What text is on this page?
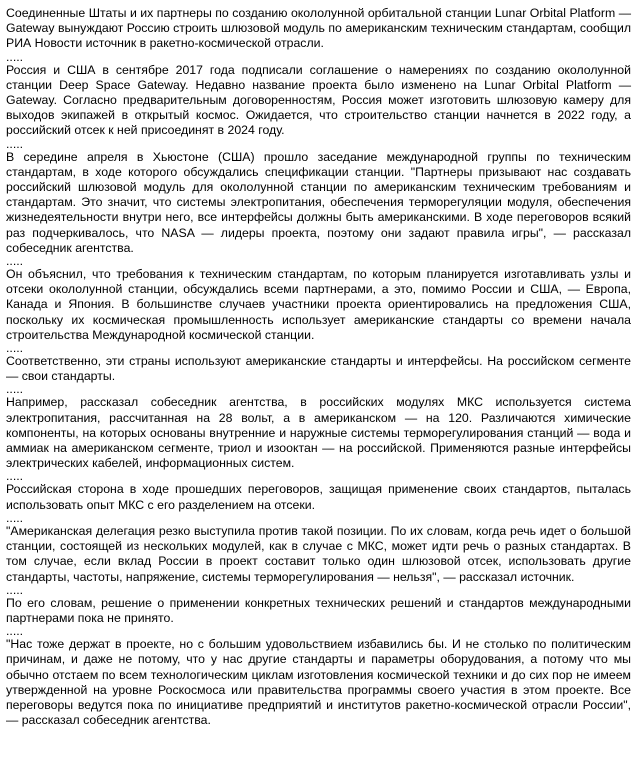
Соединенные Штаты и их партнеры по созданию окололунной орбитальной станции Lunar Orbital Platform — Gateway вынуждают Россию строить шлюзовой модуль по американским техническим стандартам, сообщил РИА Новости источник в ракетно-космической отрасли.

.....

Россия и США в сентябре 2017 года подписали соглашение о намерениях по созданию окололунной станции Deep Space Gateway. Недавно название проекта было изменено на Lunar Orbital Platform — Gateway. Согласно предварительным договоренностям, Россия может изготовить шлюзовую камеру для выходов экипажей в открытый космос. Ожидается, что строительство станции начнется в 2022 году, а российский отсек к ней присоединят в 2024 году.

.....

В середине апреля в Хьюстоне (США) прошло заседание международной группы по техническим стандартам, в ходе которого обсуждались спецификации станции. "Партнеры призывают нас создавать российский шлюзовой модуль для окололунной станции по американским техническим требованиям и стандартам. Это значит, что системы электропитания, обеспечения терморегуляции модуля, обеспечения жизнедеятельности внутри него, все интерфейсы должны быть американскими. В ходе переговоров всякий раз подчеркивалось, что NASA — лидеры проекта, поэтому они задают правила игры", — рассказал собеседник агентства.

.....

Он объяснил, что требования к техническим стандартам, по которым планируется изготавливать узлы и отсеки окололунной станции, обсуждались всеми партнерами, а это, помимо России и США, — Европа, Канада и Япония. В большинстве случаев участники проекта ориентировались на предложения США, поскольку их космическая промышленность использует американские стандарты со времени начала строительства Международной космической станции.

.....

Соответственно, эти страны используют американские стандарты и интерфейсы. На российском сегменте — свои стандарты.

.....

Например, рассказал собеседник агентства, в российских модулях МКС используется система электропитания, рассчитанная на 28 вольт, а в американском — на 120. Различаются химические компоненты, на которых основаны внутренние и наружные системы терморегулирования станций — вода и аммиак на американском сегменте, триол и изооктан — на российской. Применяются разные интерфейсы электрических кабелей, информационных систем.

.....

Российская сторона в ходе прошедших переговоров, защищая применение своих стандартов, пыталась использовать опыт МКС с его разделением на отсеки.

.....

"Американская делегация резко выступила против такой позиции. По их словам, когда речь идет о большой станции, состоящей из нескольких модулей, как в случае с МКС, может идти речь о разных стандартах. В том случае, если вклад России в проект составит только один шлюзовой отсек, использовать другие стандарты, частоты, напряжение, системы терморегулирования — нельзя", — рассказал источник.

.....

По его словам, решение о применении конкретных технических решений и стандартов международными партнерами пока не принято.

.....

"Нас тоже держат в проекте, но с большим удовольствием избавились бы. И не столько по политическим причинам, и даже не потому, что у нас другие стандарты и параметры оборудования, а потому что мы обычно отстаем по всем технологическим циклам изготовления космической техники и до сих пор не имеем утвержденной на уровне Роскосмоса или правительства программы своего участия в этом проекте. Все переговоры ведутся пока по инициативе предприятий и институтов ракетно-космической отрасли России", — рассказал собеседник агентства.
